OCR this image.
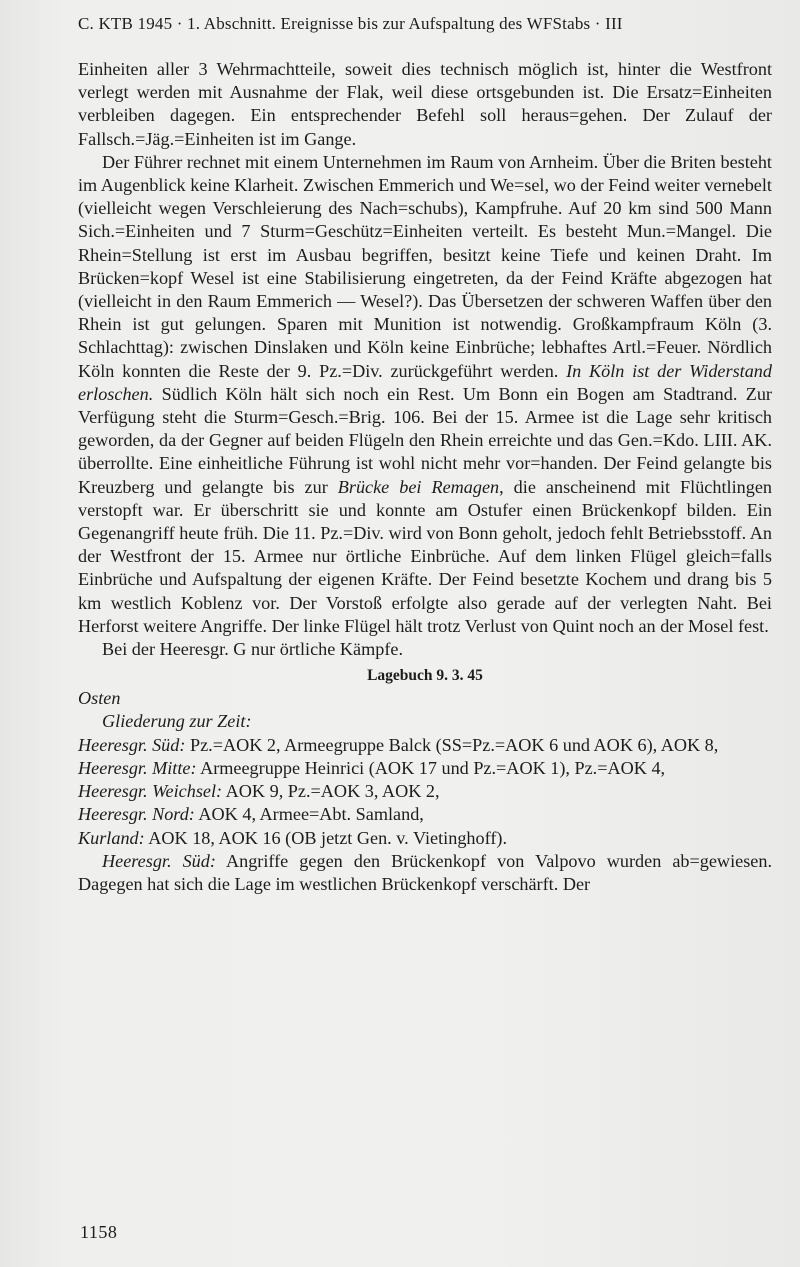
C. KTB 1945 · 1. Abschnitt. Ereignisse bis zur Aufspaltung des WFStabs · III

Einheiten aller 3 Wehrmachtteile, soweit dies technisch möglich ist, hinter die Westfront verlegt werden mit Ausnahme der Flak, weil diese ortsgebunden ist. Die Ersatz=Einheiten verbleiben dagegen. Ein entsprechender Befehl soll heraus=gehen. Der Zulauf der Fallsch.=Jäg.=Einheiten ist im Gange.

Der Führer rechnet mit einem Unternehmen im Raum von Arnheim. Über die Briten besteht im Augenblick keine Klarheit. Zwischen Emmerich und We=sel, wo der Feind weiter vernebelt (vielleicht wegen Verschleierung des Nach=schubs), Kampfruhe. Auf 20 km sind 500 Mann Sich.=Einheiten und 7 Sturm=Geschütz=Einheiten verteilt. Es besteht Mun.=Mangel. Die Rhein=Stellung ist erst im Ausbau begriffen, besitzt keine Tiefe und keinen Draht. Im Brücken=kopf Wesel ist eine Stabilisierung eingetreten, da der Feind Kräfte abgezogen hat (vielleicht in den Raum Emmerich — Wesel?). Das Übersetzen der schweren Waffen über den Rhein ist gut gelungen. Sparen mit Munition ist notwendig. Großkampfraum Köln (3. Schlachttag): zwischen Dinslaken und Köln keine Einbrüche; lebhaftes Artl.=Feuer. Nördlich Köln konnten die Reste der 9. Pz.=Div. zurückgeführt werden. In Köln ist der Widerstand erloschen. Südlich Köln hält sich noch ein Rest. Um Bonn ein Bogen am Stadtrand. Zur Verfügung steht die Sturm=Gesch.=Brig. 106. Bei der 15. Armee ist die Lage sehr kritisch geworden, da der Gegner auf beiden Flügeln den Rhein erreichte und das Gen.=Kdo. LIII. AK. überrollte. Eine einheitliche Führung ist wohl nicht mehr vor=handen. Der Feind gelangte bis Kreuzberg und gelangte bis zur Brücke bei Remagen, die anscheinend mit Flüchtlingen verstopft war. Er überschritt sie und konnte am Ostufer einen Brückenkopf bilden. Ein Gegenangriff heute früh. Die 11. Pz.=Div. wird von Bonn geholt, jedoch fehlt Betriebsstoff. An der Westfront der 15. Armee nur örtliche Einbrüche. Auf dem linken Flügel gleich=falls Einbrüche und Aufspaltung der eigenen Kräfte. Der Feind besetzte Kochem und drang bis 5 km westlich Koblenz vor. Der Vorstoß erfolgte also gerade auf der verlegten Naht. Bei Herforst weitere Angriffe. Der linke Flügel hält trotz Verlust von Quint noch an der Mosel fest.

Bei der Heeresgr. G nur örtliche Kämpfe.

Lagebuch 9. 3. 45

Osten

Gliederung zur Zeit:

Heeresgr. Süd: Pz.=AOK 2, Armeegruppe Balck (SS=Pz.=AOK 6 und AOK 6), AOK 8,

Heeresgr. Mitte: Armeegruppe Heinrici (AOK 17 und Pz.=AOK 1), Pz.=AOK 4,

Heeresgr. Weichsel: AOK 9, Pz.=AOK 3, AOK 2,

Heeresgr. Nord: AOK 4, Armee=Abt. Samland,

Kurland: AOK 18, AOK 16 (OB jetzt Gen. v. Vietinghoff).

Heeresgr. Süd: Angriffe gegen den Brückenkopf von Valpovo wurden ab=gewiesen. Dagegen hat sich die Lage im westlichen Brückenkopf verschärft. Der

1158
